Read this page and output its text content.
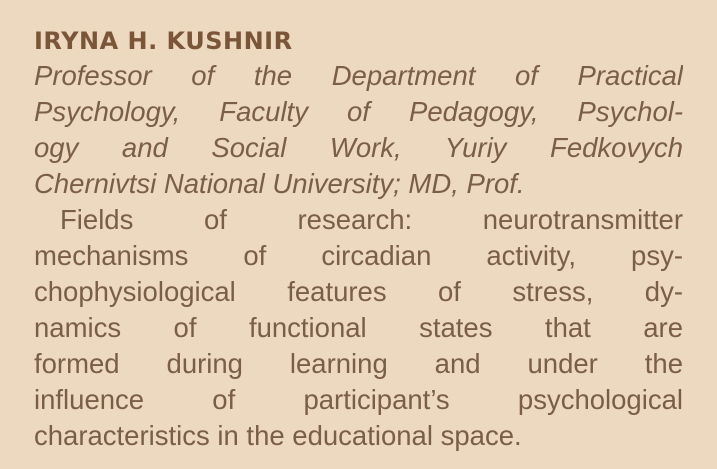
IRYNA H. KUSHNIR
Professor of the Department of Practical
Psychology, Faculty of Pedagogy, Psychol-
ogy and Social Work, Yuriy Fedkovych
Chernivtsi National University; MD, Prof.
Fields of research: neurotransmitter
mechanisms of circadian activity, psy-
chophysiological features of stress, dy-
namics of functional states that are
formed during learning and under the
influence of participant’s psychological
characteristics in the educational space.
